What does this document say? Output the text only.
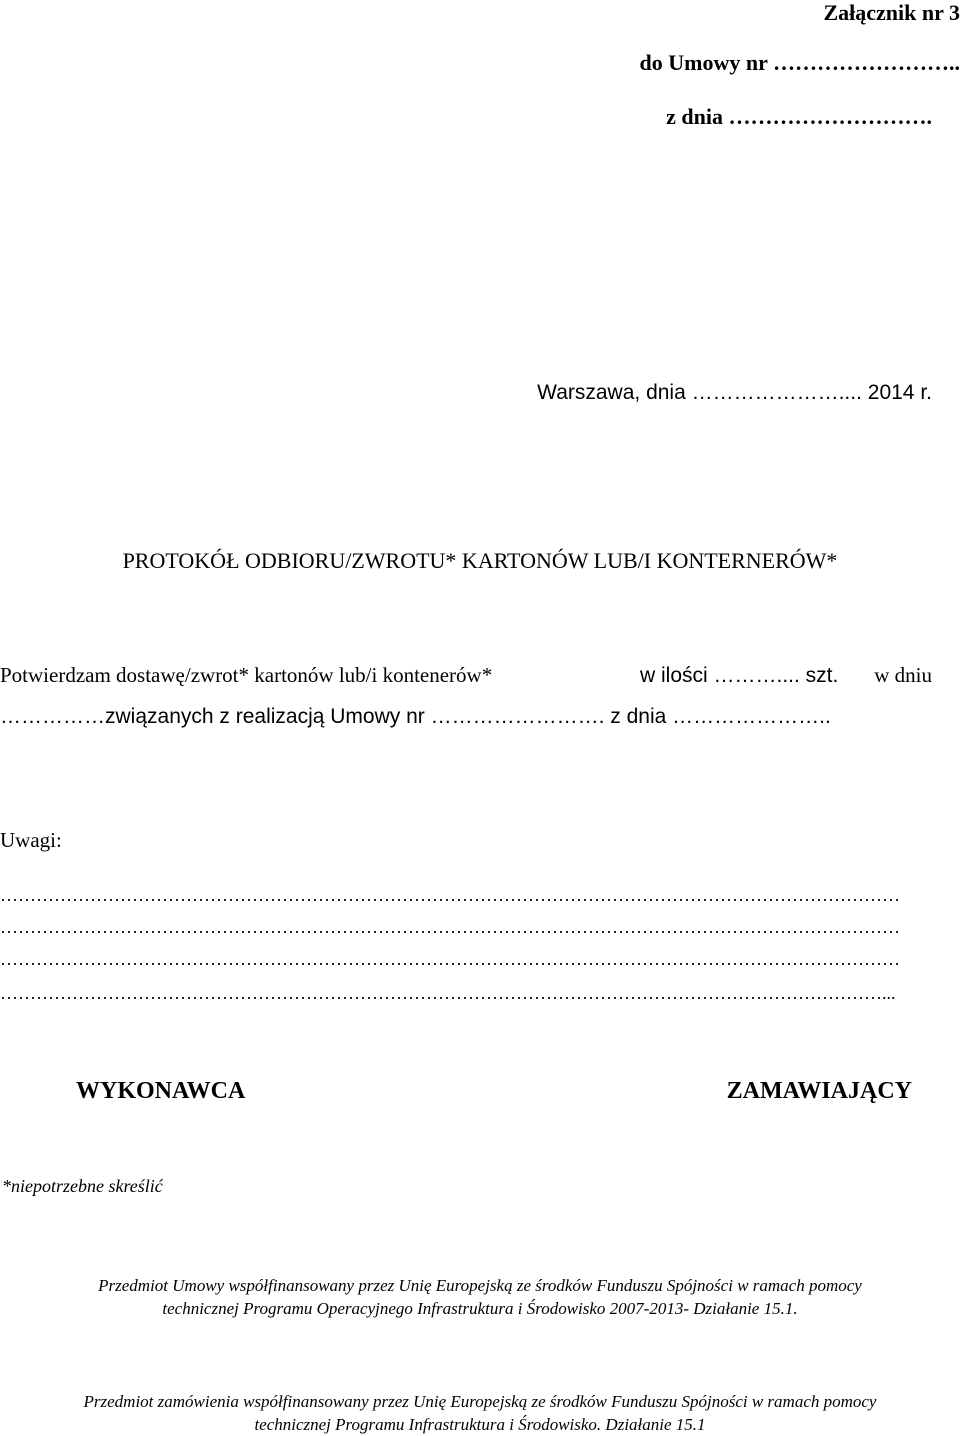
Załącznik nr 3
do Umowy nr ……………………..
z dnia ……………………….
Warszawa, dnia ………………….... 2014 r.
PROTOKÓŁ ODBIORU/ZWROTU* KARTONÓW LUB/I KONTERNERÓW*
Potwierdzam dostawę/zwrot* kartonów lub/i kontenerów*	w ilości ……….... szt. w dniu
……………związanych z realizacją Umowy nr ……………………. z dnia …………………..
Uwagi:
……………………………………………………………………………………………………………………………………
……………………………………………………………………………………………………………………………………
……………………………………………………………………………………………………………………………………
…………………………………………………………………………………………………………………………………...
WYKONAWCA	ZAMAWIAJĄCY
*niepotrzebne skreślić
Przedmiot Umowy współfinansowany przez Unię Europejską ze środków Funduszu Spójności w ramach pomocy
technicznej Programu Operacyjnego Infrastruktura i Środowisko 2007-2013- Działanie 15.1.
Przedmiot zamówienia współfinansowany przez Unię Europejską ze środków Funduszu Spójności w ramach pomocy
technicznej Programu Infrastruktura i Środowisko. Działanie 15.1
